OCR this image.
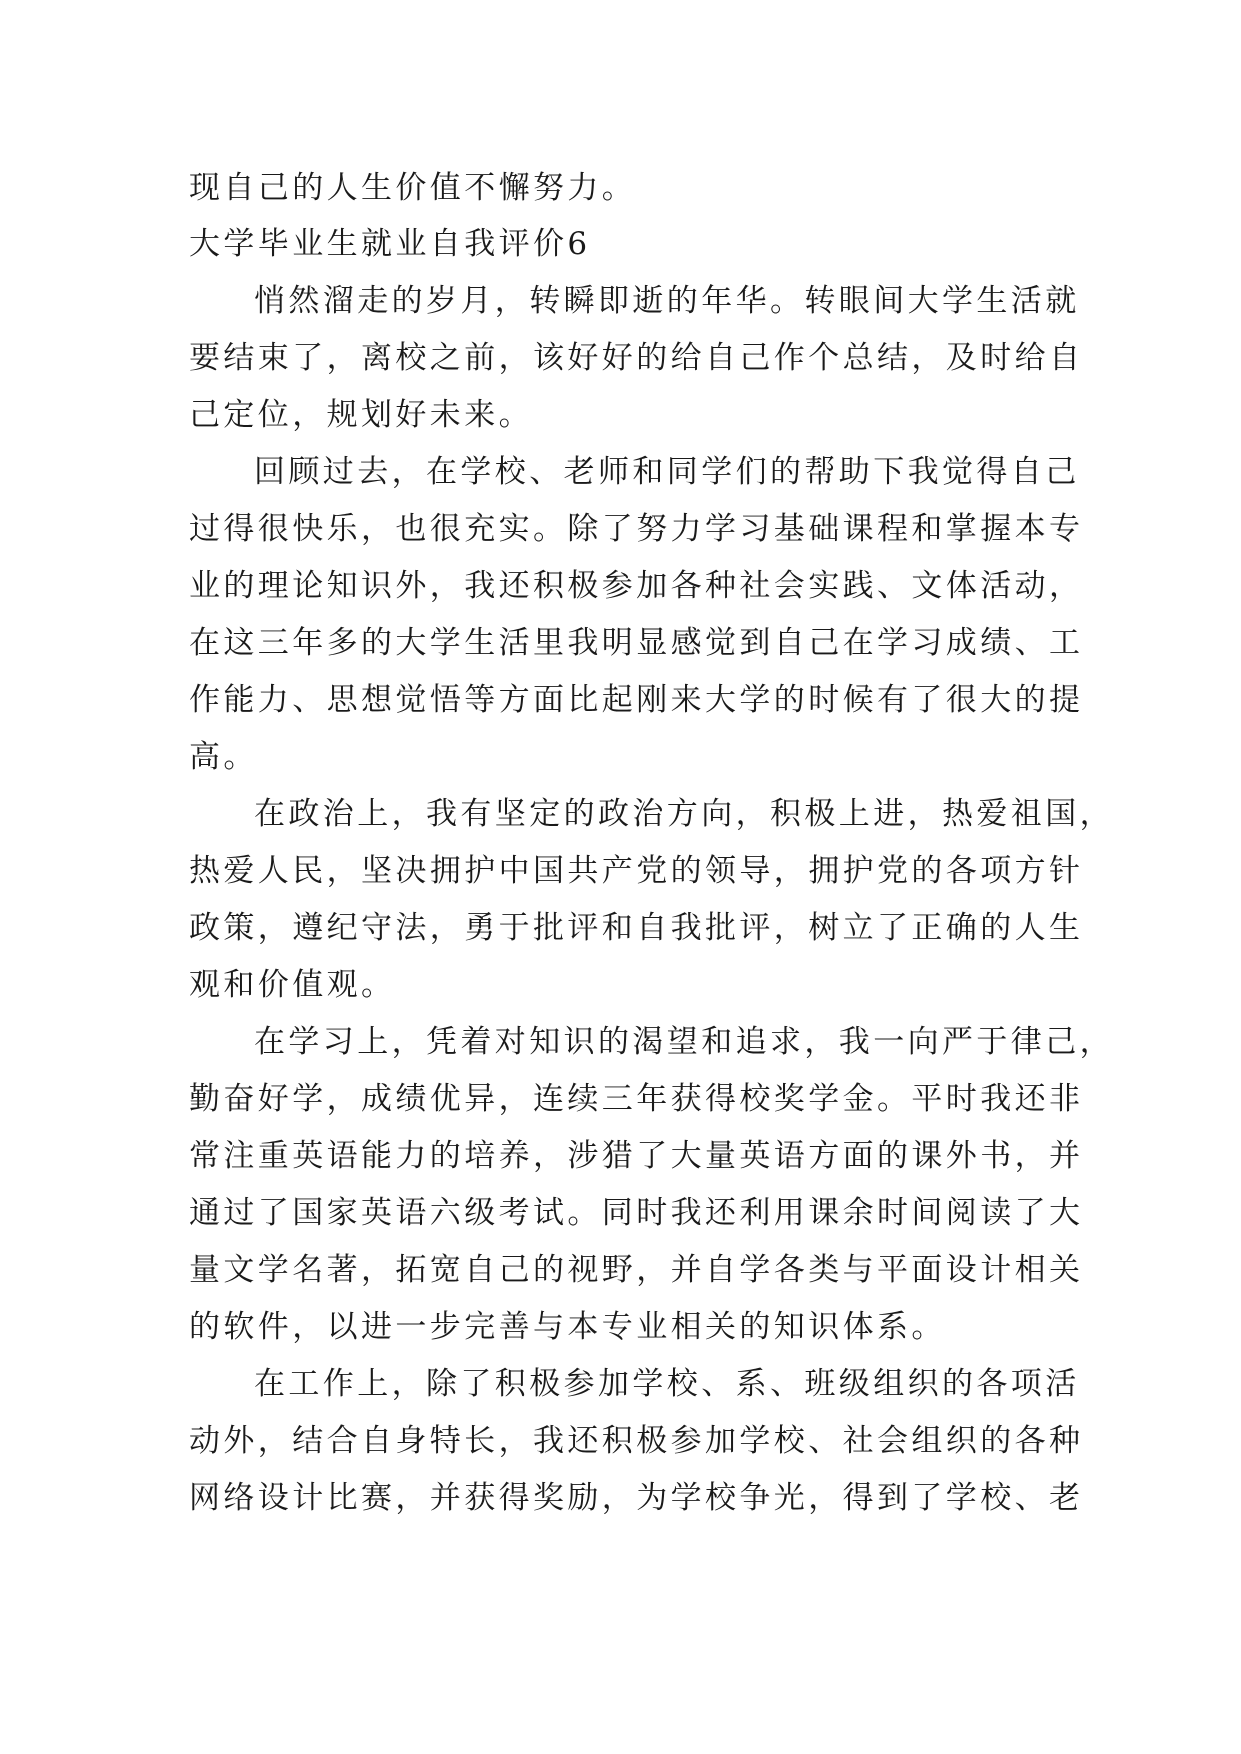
现自己的人生价值不懈努力。
大学毕业生就业自我评价6
悄然溜走的岁月，转瞬即逝的年华。转眼间大学生活就
要结束了，离校之前，该好好的给自己作个总结，及时给自
己定位，规划好未来。
回顾过去，在学校、老师和同学们的帮助下我觉得自己
过得很快乐，也很充实。除了努力学习基础课程和掌握本专
业的理论知识外，我还积极参加各种社会实践、文体活动，
在这三年多的大学生活里我明显感觉到自己在学习成绩、工
作能力、思想觉悟等方面比起刚来大学的时候有了很大的提
高。
在政治上，我有坚定的政治方向，积极上进，热爱祖国，
热爱人民，坚决拥护中国共产党的领导，拥护党的各项方针
政策，遵纪守法，勇于批评和自我批评，树立了正确的人生
观和价值观。
在学习上，凭着对知识的渴望和追求，我一向严于律己，
勤奋好学，成绩优异，连续三年获得校奖学金。平时我还非
常注重英语能力的培养，涉猎了大量英语方面的课外书，并
通过了国家英语六级考试。同时我还利用课余时间阅读了大
量文学名著，拓宽自己的视野，并自学各类与平面设计相关
的软件，以进一步完善与本专业相关的知识体系。
在工作上，除了积极参加学校、系、班级组织的各项活
动外，结合自身特长，我还积极参加学校、社会组织的各种
网络设计比赛，并获得奖励，为学校争光，得到了学校、老
